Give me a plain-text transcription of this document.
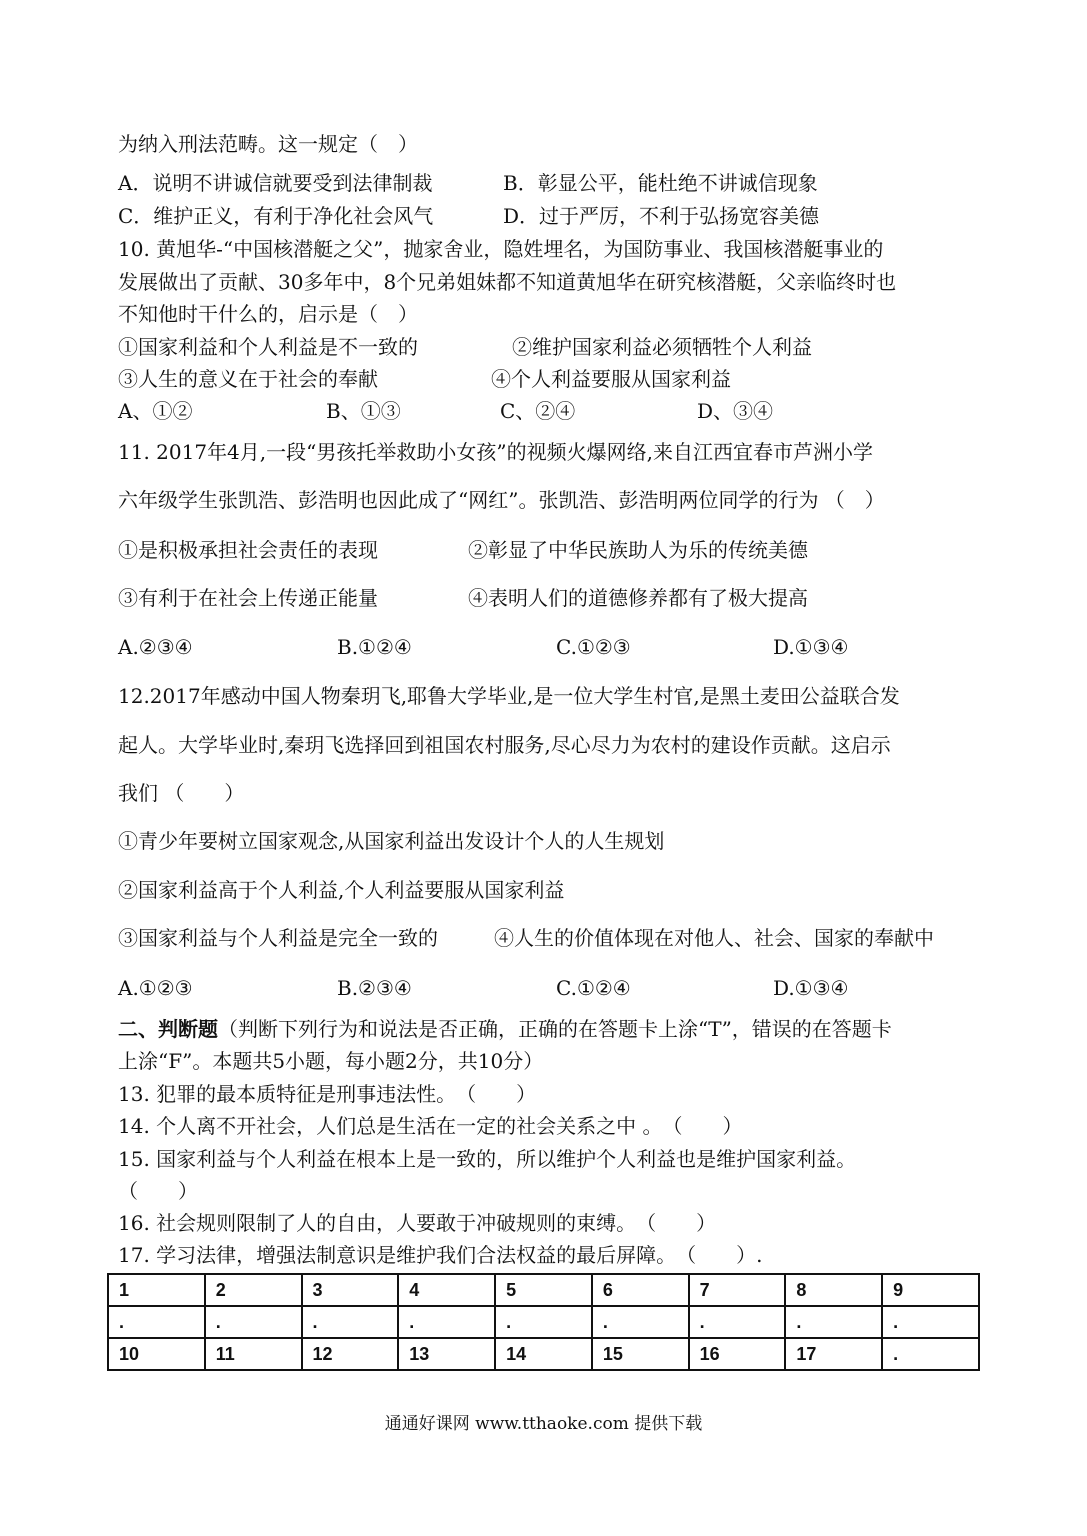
为纳入刑法范畴。这一规定（　）
A．说明不讲诚信就要受到法律制裁	B．彰显公平，能杜绝不讲诚信现象
C．维护正义，有利于净化社会风气	D．过于严厉，不利于弘扬宽容美德
10. 黄旭华-“中国核潜艇之父”，抛家舍业，隐姓埋名，为国防事业、我国核潜艇事业的
发展做出了贡献、30多年中，8个兄弟姐妹都不知道黄旭华在研究核潜艇，父亲临终时也
不知他时干什么的，启示是（　）
①国家利益和个人利益是不一致的	②维护国家利益必须牺牲个人利益
③人生的意义在于社会的奉献	④个人利益要服从国家利益
A、①②	B、①③	C、②④	D、③④
11. 2017年4月,一段“男孩托举救助小女孩”的视频火爆网络,来自江西宜春市芦洲小学
六年级学生张凯浩、彭浩明也因此成了“网红”。张凯浩、彭浩明两位同学的行为 （　）
①是积极承担社会责任的表现	②彰显了中华民族助人为乐的传统美德
③有利于在社会上传递正能量	④表明人们的道德修养都有了极大提高
A.②③④	B.①②④	C.①②③	D.①③④
12.2017年感动中国人物秦玥飞,耶鲁大学毕业,是一位大学生村官,是黑土麦田公益联合发
起人。大学毕业时,秦玥飞选择回到祖国农村服务,尽心尽力为农村的建设作贡献。这启示
我们 （　　）
①青少年要树立国家观念,从国家利益出发设计个人的人生规划
②国家利益高于个人利益,个人利益要服从国家利益
③国家利益与个人利益是完全一致的	④人生的价值体现在对他人、社会、国家的奉献中
A.①②③	B.②③④	C.①②④	D.①③④
二、判断题（判断下列行为和说法是否正确，正确的在答题卡上涂“T”，错误的在答题卡
上涂“F”。本题共5小题，每小题2分，共10分）
13. 犯罪的最本质特征是刑事违法性。　（　　）
14. 个人离不开社会，人们总是生活在一定的社会关系之中 。　（　　）
15. 国家利益与个人利益在根本上是一致的，所以维护个人利益也是维护国家利益。
（　　）
16. 社会规则限制了人的自由，人要敢于冲破规则的束缚。　（　　）
17. 学习法律，增强法制意识是维护我们合法权益的最后屏障。　（　　）.
1	2	3	4	5	6	7	8	9
.	.	.	.	.	.	.	.	.
10	11	12	13	14	15	16	17	.
通通好课网 www.tthaoke.com 提供下载
